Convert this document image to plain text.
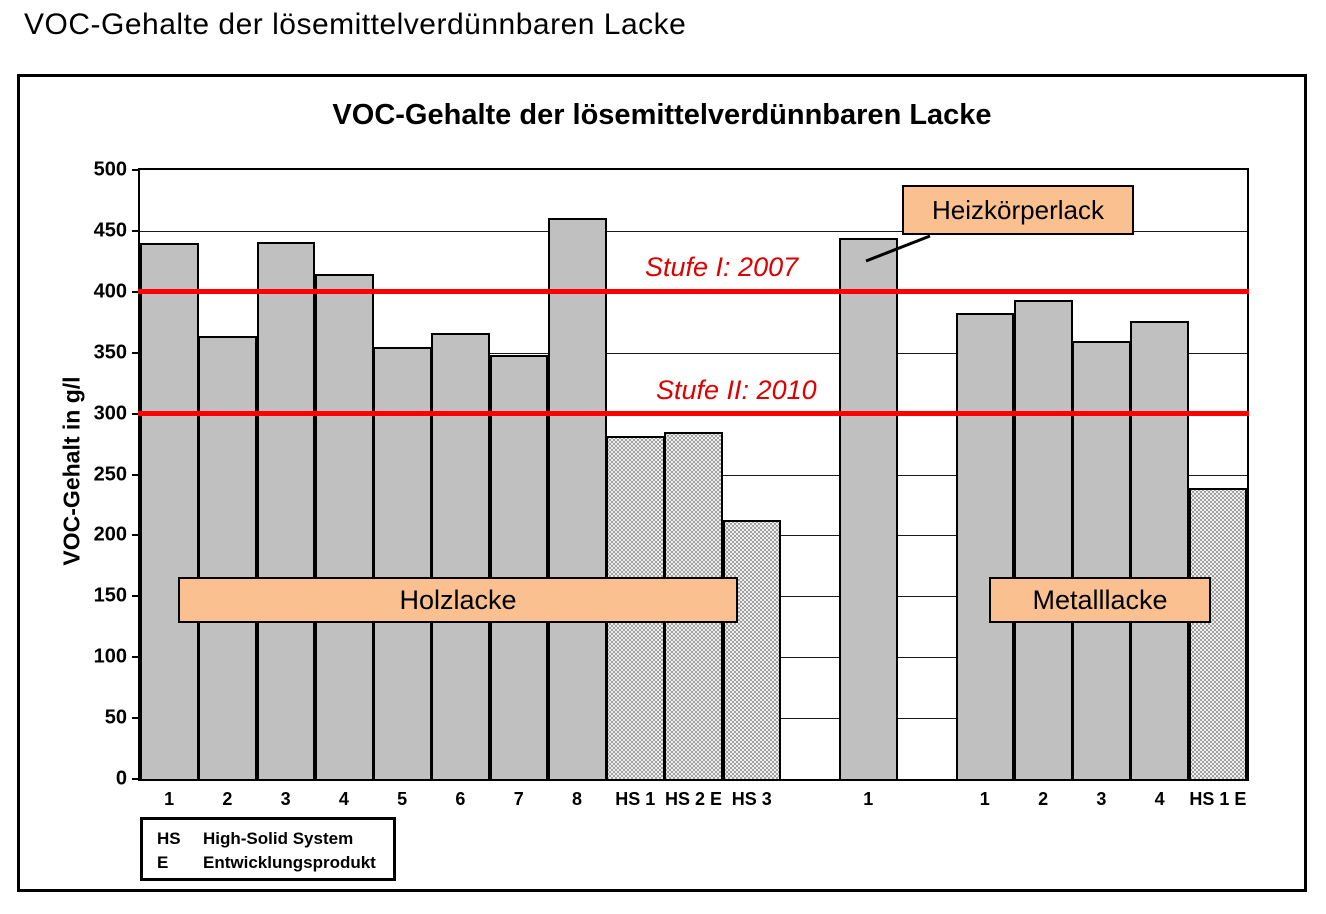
VOC-Gehalte der lösemittelverdünnbaren Lacke
VOC-Gehalte der lösemittelverdünnbaren Lacke
VOC-Gehalt in g/l
Stufe I: 2007
Stufe II: 2010
Holzlacke	Metalllacke
Heizkörperlack
0
50
100
150
200
250
300
350
400
450
500
1	2	3	4	5	6	7	8 HS 1 HS 2 E HS 3	1	1	2	3	4 HS 1 E
HS	High-Solid System
E	Entwicklungsprodukt
